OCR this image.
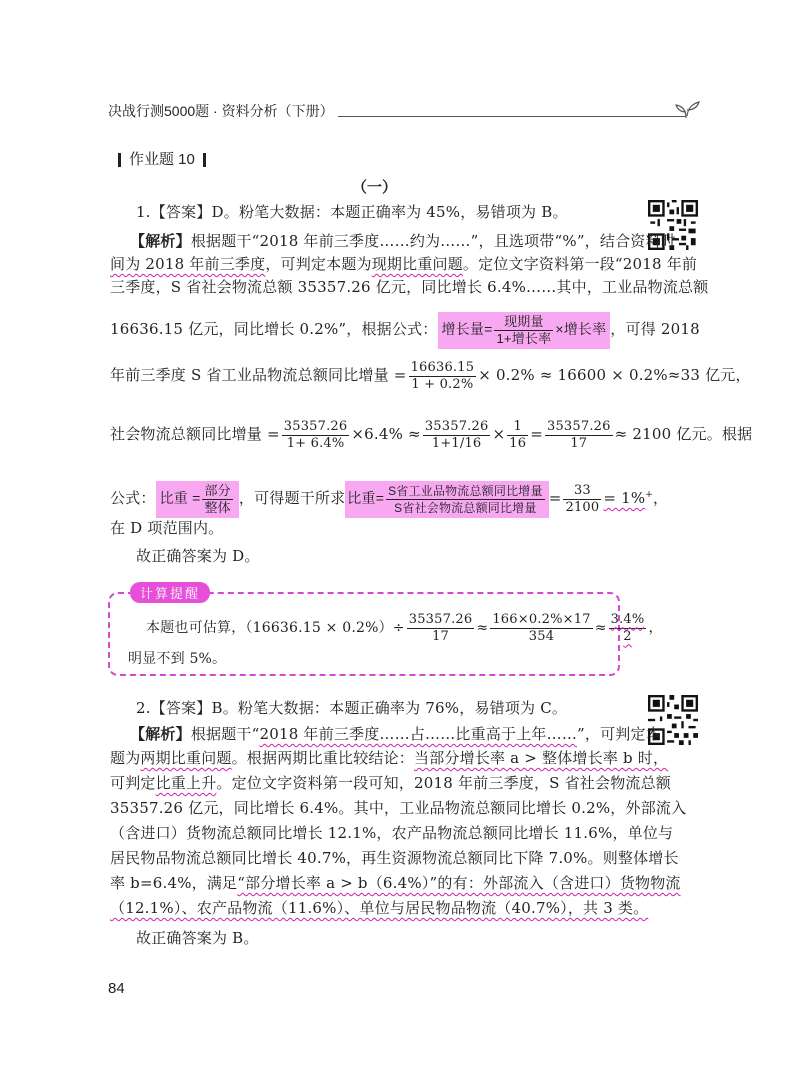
决战行测5000题 · 资料分析（下册）
作业题 10
（一）
1.【答案】D。粉笔大数据：本题正确率为 45%，易错项为 B。
【解析】根据题干“2018 年前三季度……约为……”，且选项带“%”，结合资料时
间为 2018 年前三季度，可判定本题为现期比重问题。定位文字资料第一段“2018 年前
三季度，S 省社会物流总额 35357.26 亿元，同比增长 6.4%……其中，工业品物流总额
16636.15 亿元，同比增长 0.2%”，根据公式： 增长量= $\frac{\text{现期量}}{\text{1+增长率}}$ ×增长率 ，可得 2018
年前三季度 S 省工业品物流总额同比增量 = $\frac{16636.15}{1 + 0.2\%} \times 0.2\% \approx 16600 \times 0.2\%\approx 33$ 亿元，
社会物流总额同比增量 = $\frac{35357.26}{1+ 6.4\%} \times 6.4\% \approx \frac{35357.26}{1+1/16} \times \frac{1}{16} = \frac{35357.26}{17} \approx 2100$ 亿元。根据
公式： 比重 = $\frac{\text{部分}}{\text{整体}}$ ，可得题干所求 比重= $\frac{\text{S省工业品物流总额同比增量}}{\text{S省社会物流总额同比增量}} = \frac{33}{2100} = 1\%^+$，
在 D 项范围内。
故正确答案为 D。
计算提醒
本题也可估算，$(16636.15 \times 0.2\%)\div \frac{35357.26}{17} \approx \frac{166\times 0.2\%\times 17}{354} \approx \frac{3.4\%}{2}$ ，
明显不到 5%。
2.【答案】B。粉笔大数据：本题正确率为 76%，易错项为 C。
【解析】根据题干“2018 年前三季度……占……比重高于上年……”，可判定本
题为两期比重问题。根据两期比重比较结论：当部分增长率 a > 整体增长率 b 时，
可判定比重上升。定位文字资料第一段可知，2018 年前三季度，S 省社会物流总额
35357.26 亿元，同比增长 6.4%。其中，工业品物流总额同比增长 0.2%，外部流入
（含进口）货物流总额同比增长 12.1%，农产品物流总额同比增长 11.6%，单位与
居民物品物流总额同比增长 40.7%，再生资源物流总额同比下降 7.0%。则整体增长
率 b=6.4%，满足“部分增长率 a > b（6.4%）”的有：外部流入（含进口）货物物流
（12.1%）、农产品物流（11.6%）、单位与居民物品物流（40.7%），共 3 类。
故正确答案为 B。
84
